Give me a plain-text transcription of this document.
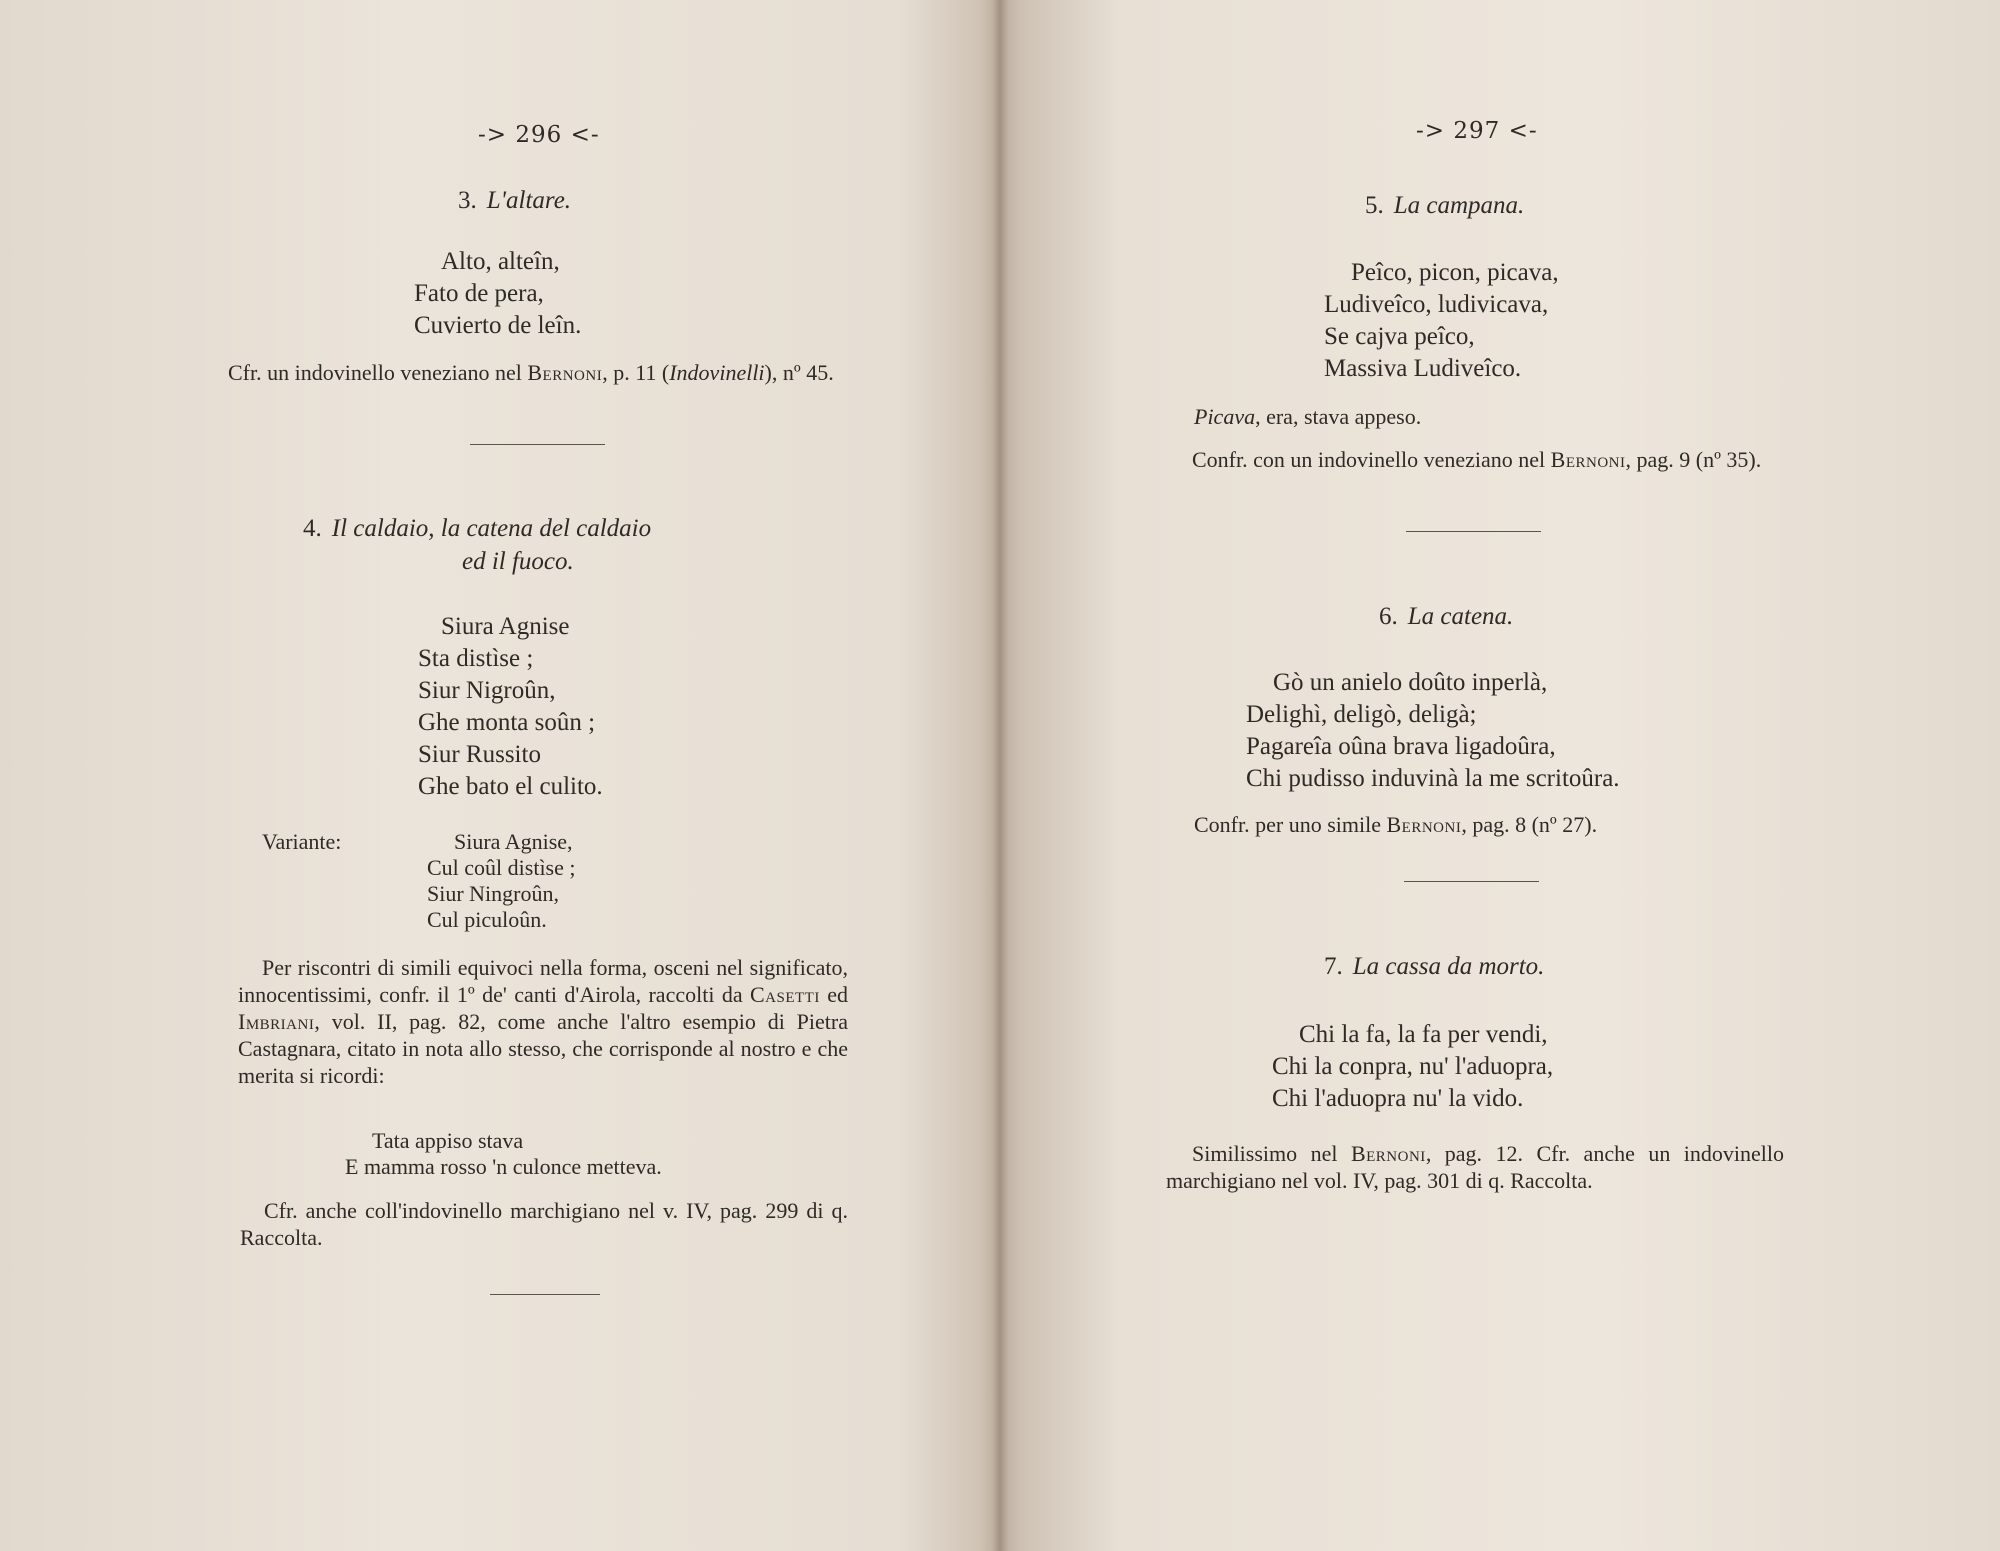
-> 296 <-
3. L'altare.
Alto, alteîn,
Fato de pera,
Cuvierto de leîn.
Cfr. un indovinello veneziano nel Bernoni, p. 11 (Indovinelli), nº 45.
4. Il caldaio, la catena del caldaio
ed il fuoco.
Siura Agnise
Sta distìse ;
Siur Nigroûn,
Ghe monta soûn ;
Siur Russito
Ghe bato el culito.
Variante:	Siura Agnise,
Cul coûl distìse ;
Siur Ningroûn,
Cul piculoûn.
Per riscontri di simili equivoci nella forma, osceni nel significato, innocentissimi, confr. il 1º de' canti d'Airola, raccolti da Casetti ed Imbriani, vol. II, pag. 82, come anche l'altro esempio di Pietra Castagnara, citato in nota allo stesso, che corrisponde al nostro e che merita si ricordi:
Tata appiso stava
E mamma rosso 'n culonce metteva.
Cfr. anche coll'indovinello marchigiano nel v. IV, pag. 299 di q. Raccolta.
-> 297 <-
5. La campana.
Peîco, picon, picava,
Ludiveîco, ludivicava,
Se cajva peîco,
Massiva Ludiveîco.
Picava, era, stava appeso.
Confr. con un indovinello veneziano nel Bernoni, pag. 9 (nº 35).
6. La catena.
Gò un anielo doûto inperlà,
Delighì, deligò, deligà;
Pagareîa oûna brava ligadoûra,
Chi pudisso induvinà la me scritoûra.
Confr. per uno simile Bernoni, pag. 8 (nº 27).
7. La cassa da morto.
Chi la fa, la fa per vendi,
Chi la conpra, nu' l'aduopra,
Chi l'aduopra nu' la vido.
Similissimo nel Bernoni, pag. 12. Cfr. anche un indovinello marchigiano nel vol. IV, pag. 301 di q. Raccolta.
